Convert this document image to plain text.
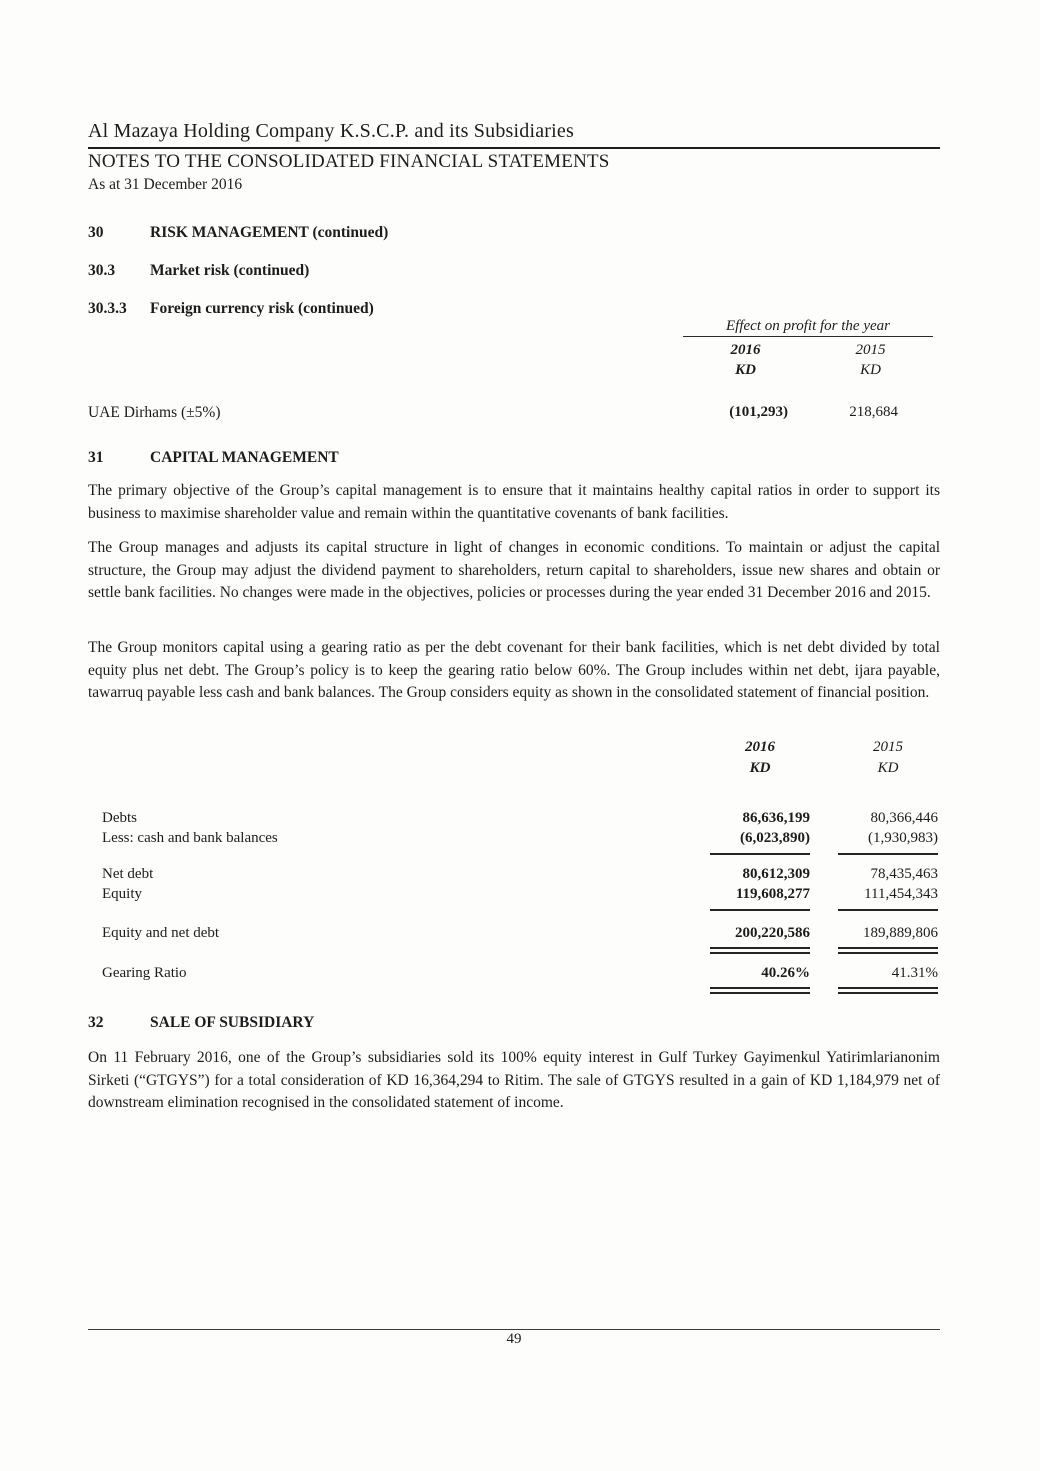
Al Mazaya Holding Company K.S.C.P. and its Subsidiaries
NOTES TO THE CONSOLIDATED FINANCIAL STATEMENTS
As at 31 December 2016
30	RISK MANAGEMENT (continued)
30.3	Market risk (continued)
30.3.3	Foreign currency risk (continued)
Effect on profit for the year
2016	2015
KD	KD
UAE Dirhams (±5%)	(101,293)	218,684
31	CAPITAL MANAGEMENT
The primary objective of the Group’s capital management is to ensure that it maintains healthy capital ratios in order to support its business to maximise shareholder value and remain within the quantitative covenants of bank facilities.
The Group manages and adjusts its capital structure in light of changes in economic conditions. To maintain or adjust the capital structure, the Group may adjust the dividend payment to shareholders, return capital to shareholders, issue new shares and obtain or settle bank facilities. No changes were made in the objectives, policies or processes during the year ended 31 December 2016 and 2015.
The Group monitors capital using a gearing ratio as per the debt covenant for their bank facilities, which is net debt divided by total equity plus net debt. The Group’s policy is to keep the gearing ratio below 60%. The Group includes within net debt, ijara payable, tawarruq payable less cash and bank balances. The Group considers equity as shown in the consolidated statement of financial position.
2016	2015
KD	KD
Debts	86,636,199	80,366,446
Less: cash and bank balances	(6,023,890)	(1,930,983)
Net debt	80,612,309	78,435,463
Equity	119,608,277	111,454,343
Equity and net debt	200,220,586	189,889,806
Gearing Ratio	40.26%	41.31%
32	SALE OF SUBSIDIARY
On 11 February 2016, one of the Group’s subsidiaries sold its 100% equity interest in Gulf Turkey Gayimenkul Yatirimlarianonim Sirketi (“GTGYS”) for a total consideration of KD 16,364,294 to Ritim. The sale of GTGYS resulted in a gain of KD 1,184,979 net of downstream elimination recognised in the consolidated statement of income.
49
